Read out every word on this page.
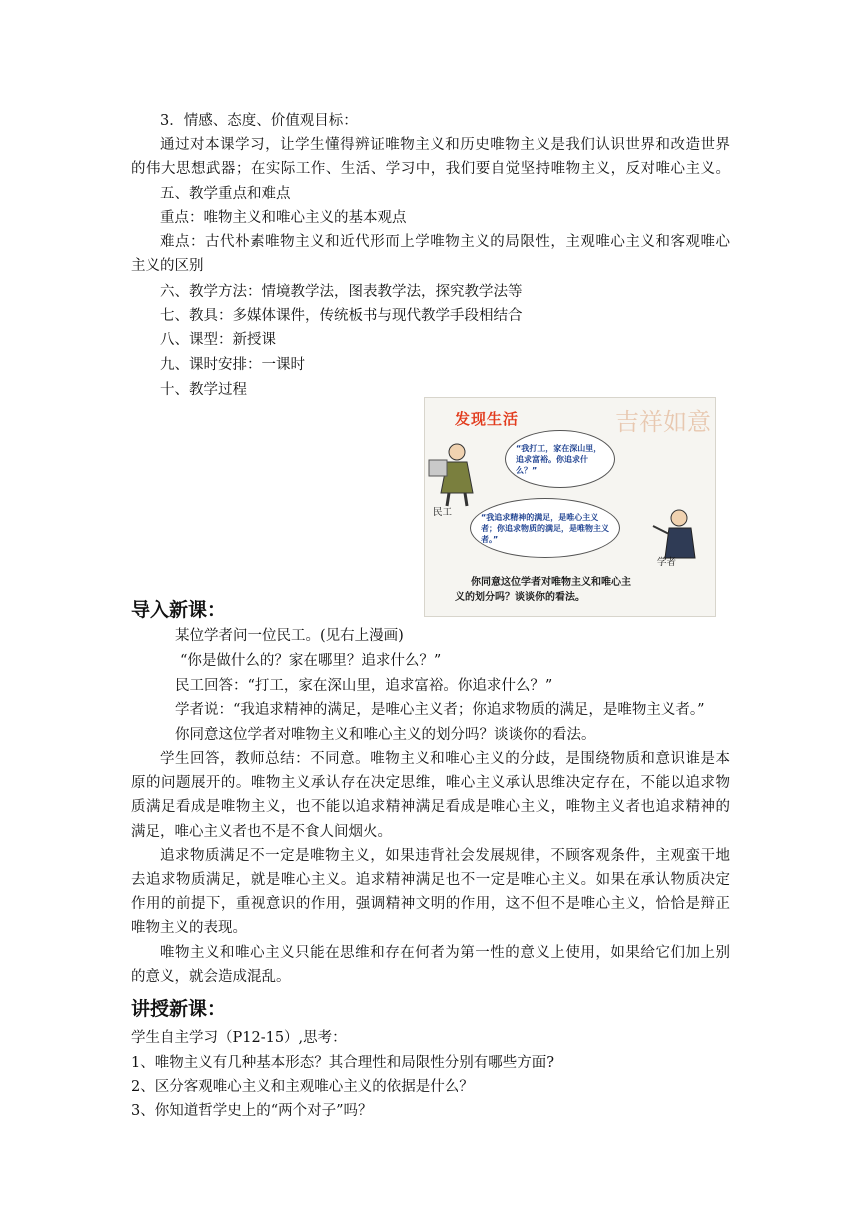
3．情感、态度、价值观目标：
通过对本课学习，让学生懂得辨证唯物主义和历史唯物主义是我们认识世界和改造世界
的伟大思想武器；在实际工作、生活、学习中，我们要自觉坚持唯物主义，反对唯心主义。
五、教学重点和难点
重点：唯物主义和唯心主义的基本观点
难点：古代朴素唯物主义和近代形而上学唯物主义的局限性，主观唯心主义和客观唯心
主义的区别
六、教学方法：情境教学法，图表教学法，探究教学法等
七、教具：多媒体课件，传统板书与现代教学手段相结合
八、课型：新授课
九、课时安排：一课时
十、教学过程
发现生活	吉祥如意
“我打工，家在深山里，追求富裕。你追求什么？”
“我追求精神的满足，是唯心主义者；你追求物质的满足，是唯物主义者。”
民工
学者
你同意这位学者对唯物主义和唯心主
义的划分吗？谈谈你的看法。
导入新课：
某位学者问一位民工。(见右上漫画)
“你是做什么的？家在哪里？追求什么？”
民工回答：“打工，家在深山里，追求富裕。你追求什么？”
学者说：“我追求精神的满足，是唯心主义者；你追求物质的满足，是唯物主义者。”
你同意这位学者对唯物主义和唯心主义的划分吗？谈谈你的看法。
学生回答，教师总结：不同意。唯物主义和唯心主义的分歧，是围绕物质和意识谁是本
原的问题展开的。唯物主义承认存在决定思维，唯心主义承认思维决定存在，不能以追求物
质满足看成是唯物主义，也不能以追求精神满足看成是唯心主义，唯物主义者也追求精神的
满足，唯心主义者也不是不食人间烟火。
追求物质满足不一定是唯物主义，如果违背社会发展规律，不顾客观条件，主观蛮干地
去追求物质满足，就是唯心主义。追求精神满足也不一定是唯心主义。如果在承认物质决定
作用的前提下，重视意识的作用，强调精神文明的作用，这不但不是唯心主义，恰恰是辩正
唯物主义的表现。
唯物主义和唯心主义只能在思维和存在何者为第一性的意义上使用，如果给它们加上别
的意义，就会造成混乱。
讲授新课：
学生自主学习（P12-15）,思考：
1、唯物主义有几种基本形态？其合理性和局限性分别有哪些方面?
2、区分客观唯心主义和主观唯心主义的依据是什么？
3、你知道哲学史上的“两个对子”吗？
